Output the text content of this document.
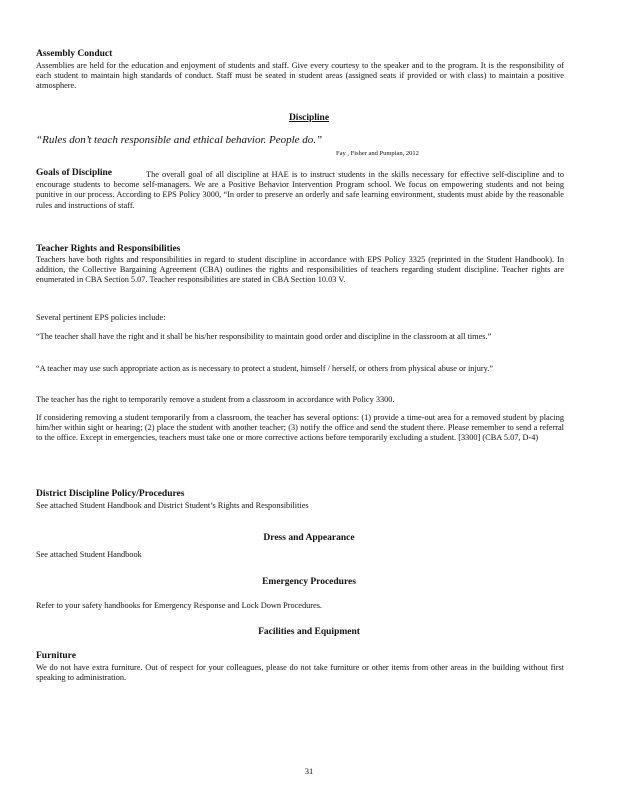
Assembly Conduct

Assemblies are held for the education and enjoyment of students and staff. Give every courtesy to the speaker and to the program. It is the responsibility of each student to maintain high standards of conduct. Staff must be seated in student areas (assigned seats if provided or with class) to maintain a positive atmosphere.

Discipline
“Rules don’t teach responsible and ethical behavior. People do.”
Fay , Fisher and Pumpian, 2012
Goals of Discipline	The overall goal of all discipline at HAE is to instruct students in the skills necessary for effective self-discipline and to encourage students to become self-managers. We are a Positive Behavior Intervention Program school. We focus on empowering students and not being punitive in our process. According to EPS Policy 3000, “In order to preserve an orderly and safe learning environment, students must abide by the reasonable rules and instructions of staff.

Teacher Rights and Responsibilities

Teachers have both rights and responsibilities in regard to student discipline in accordance with EPS Policy 3325 (reprinted in the Student Handbook). In addition, the Collective Bargaining Agreement (CBA) outlines the rights and responsibilities of teachers regarding student discipline. Teacher rights are enumerated in CBA Section 5.07. Teacher responsibilities are stated in CBA Section 10.03 V.

Several pertinent EPS policies include:

“The teacher shall have the right and it shall be his/her responsibility to maintain good order and discipline in the classroom at all times.”

“A teacher may use such appropriate action as is necessary to protect a student, himself / herself, or others from physical abuse or injury.”

The teacher has the right to temporarily remove a student from a classroom in accordance with Policy 3300.

If considering removing a student temporarily from a classroom, the teacher has several options: (1) provide a time-out area for a removed student by placing him/her within sight or hearing; (2) place the student with another teacher; (3) notify the office and send the student there. Please remember to send a referral to the office. Except in emergencies, teachers must take one or more corrective actions before temporarily excluding a student. [3300] (CBA 5.07, D-4)

District Discipline Policy/Procedures

See attached Student Handbook and District Student’s Rights and Responsibilities

Dress and Appearance

See attached Student Handbook

Emergency Procedures

Refer to your safety handbooks for Emergency Response and Lock Down Procedures.

Facilities and Equipment
Furniture

We do not have extra furniture. Out of respect for your colleagues, please do not take furniture or other items from other areas in the building without first speaking to administration.

31
